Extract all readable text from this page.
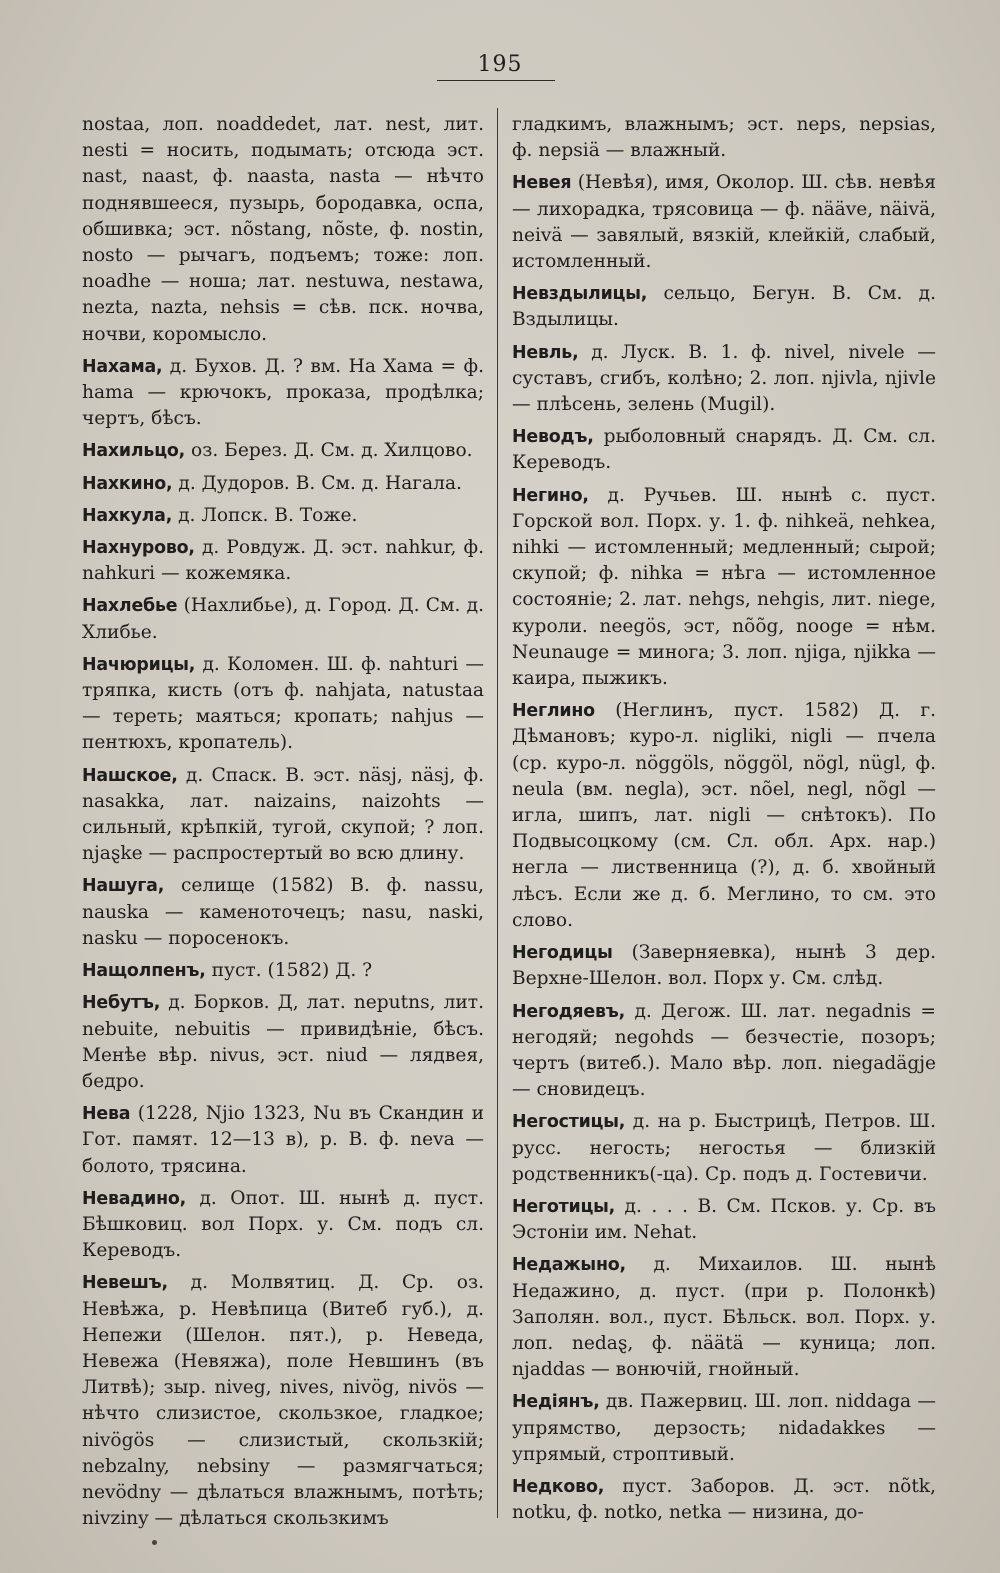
195

nostaa, лоп. noaddedet, лат. nest, лит. nesti = носить, подымать; отсюда эст. nast, naast, ф. naasta, nasta — нѣчто поднявшееся, пузырь, бородавка, оспа, обшивка; эст. nõstang, nõste, ф. nostin, nosto — рычагъ, подъемъ; тоже: лоп. noadhe — ноша; лат. nestuwa, nestawa, nezta, nazta, nehsis = сѣв. пск. ночва, ночви, коромысло.

Нахама, д. Бухов. Д. ? вм. На Хама = ф. hama — крючокъ, проказа, продѣлка; чертъ, бѣсъ.

Нахильцо, оз. Берез. Д. См. д. Хилцово.

Нахкино, д. Дудоров. В. См. д. Нагала.

Нахкула, д. Лопск. В. Тоже.

Нахнурово, д. Ровдуж. Д. эст. nahkur, ф. nahkuri — кожемяка.

Нахлебье (Нахлибье), д. Город. Д. См. д. Хлибье.

Начюрицы, д. Коломен. Ш. ф. nahturi — тряпка, кисть (отъ ф. nahjata, natustaa — тереть; маяться; кропать; nahjus — пентюхъ, кропатель).

Нашское, д. Спаск. В. эст. näsj, näsj, ф. nasakka, лат. naizains, naizohts — сильный, крѣпкій, тугой, скупой; ? лоп. njaȿke — распростертый во всю длину.

Нашуга, селище (1582) В. ф. nassu, nauska — каменоточецъ; nasu, naski, nasku — поросенокъ.

Нащолпенъ, пуст. (1582) Д. ?

Небутъ, д. Борков. Д, лат. neputns, лит. nebuite, nebuitis — привидѣніе, бѣсъ. Менѣе вѣр. nivus, эст. niud — лядвея, бедро.

Нева (1228, Njio 1323, Nu въ Скандин и Гот. памят. 12—13 в), р. В. ф. neva — болото, трясина.

Невадино, д. Опот. Ш. нынѣ д. пуст. Бѣшковиц. вол Порх. у. См. подъ сл. Кереводъ.

Невешъ, д. Молвятиц. Д. Ср. оз. Невѣжа, р. Невѣпица (Витеб губ.), д. Непежи (Шелон. пят.), р. Неведа, Невежа (Невяжа), поле Невшинъ (въ Литвѣ); зыр. niveg, nives, nivög, nivös — нѣчто слизистое, скользкое, гладкое; nivögös — слизистый, скользкій; nebzalny, nebsiny — размягчаться; nevödny — дѣлаться влажнымъ, потѣть; nivziny — дѣлаться скользкимъ

гладкимъ, влажнымъ; эст. neps, nepsias, ф. nepsiä — влажный.

Невея (Невѣя), имя, Околор. Ш. сѣв. невѣя — лихорадка, трясовица — ф. nääve, näivä, neivä — завялый, вязкій, клейкій, слабый, истомленный.

Невздылицы, сельцо, Бегун. В. См. д. Вздылицы.

Невль, д. Луск. В. 1. ф. nivel, nivele — суставъ, сгибъ, колѣно; 2. лоп. njivla, njivle — плѣсень, зелень (Mugil).

Неводъ, рыболовный снарядъ. Д. См. сл. Кереводъ.

Негино, д. Ручьев. Ш. нынѣ с. пуст. Горской вол. Порх. у. 1. ф. nihkeä, nehkea, nihki — истомленный; медленный; сырой; скупой; ф. nihka = нѣга — истомленное состояніе; 2. лат. nehgs, nehgis, лит. niege, куроли. neegös, эст, nõõg, nooge = нѣм. Neunauge = минога; 3. лоп. njiga, njikka — каира, пыжикъ.

Неглино (Неглинъ, пуст. 1582) Д. г. Дѣмановъ; куро-л. nigliki, nigli — пчела (ср. куро-л. nöggöls, nöggöl, nögl, nügl, ф. neula (вм. negla), эст. nõel, negl, nõgl — игла, шипъ, лат. nigli — снѣтокъ). По Подвысоцкому (см. Сл. обл. Арх. нар.) негла — лиственница (?), д. б. хвойный лѣсъ. Если же д. б. Меглино, то см. это слово.

Негодицы (Заверняевка), нынѣ 3 дер. Верхне-Шелон. вол. Порх у. См. слѣд.

Негодяевъ, д. Дегож. Ш. лат. negadnis = негодяй; negohds — безчестіе, позоръ; чертъ (витеб.). Мало вѣр. лоп. niegadägje — сновидецъ.

Негостицы, д. на р. Быстрицѣ, Петров. Ш. русс. негость; негостья — близкій родственникъ(-ца). Ср. подъ д. Гостевичи.

Неготицы, д. . . . В. См. Псков. у. Ср. въ Эстоніи им. Nehat.

Недажыно, д. Михаилов. Ш. нынѣ Недажино, д. пуст. (при р. Полонкѣ) Заполян. вол., пуст. Бѣльск. вол. Порх. у. лоп. nedaȿ, ф. näätä — куница; лоп. njaddas — вонючій, гнойный.

Недіянъ, дв. Пажервиц. Ш. лоп. niddaga — упрямство, дерзость; nidadakkes — упрямый, строптивый.

Недково, пуст. Заборов. Д. эст. nõtk, notku, ф. notko, netka — низина, до-
